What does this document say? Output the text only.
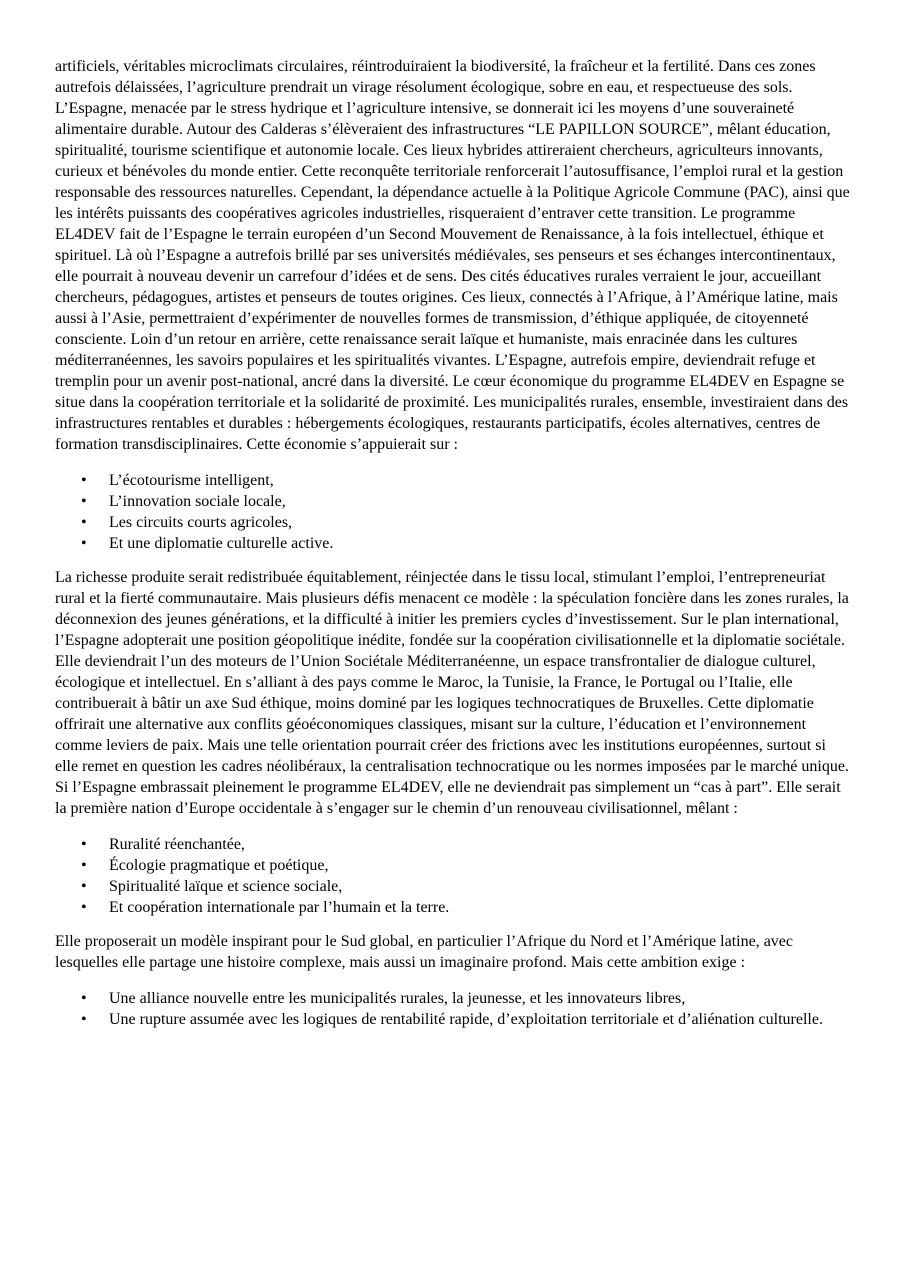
artificiels, véritables microclimats circulaires, réintroduiraient la biodiversité, la fraîcheur et la fertilité. Dans ces zones autrefois délaissées, l’agriculture prendrait un virage résolument écologique, sobre en eau, et respectueuse des sols. L’Espagne, menacée par le stress hydrique et l’agriculture intensive, se donnerait ici les moyens d’une souveraineté alimentaire durable. Autour des Calderas s’élèveraient des infrastructures “LE PAPILLON SOURCE”, mêlant éducation, spiritualité, tourisme scientifique et autonomie locale. Ces lieux hybrides attireraient chercheurs, agriculteurs innovants, curieux et bénévoles du monde entier. Cette reconquête territoriale renforcerait l’autosuffisance, l’emploi rural et la gestion responsable des ressources naturelles. Cependant, la dépendance actuelle à la Politique Agricole Commune (PAC), ainsi que les intérêts puissants des coopératives agricoles industrielles, risqueraient d’entraver cette transition. Le programme EL4DEV fait de l’Espagne le terrain européen d’un Second Mouvement de Renaissance, à la fois intellectuel, éthique et spirituel. Là où l’Espagne a autrefois brillé par ses universités médiévales, ses penseurs et ses échanges intercontinentaux, elle pourrait à nouveau devenir un carrefour d’idées et de sens. Des cités éducatives rurales verraient le jour, accueillant chercheurs, pédagogues, artistes et penseurs de toutes origines. Ces lieux, connectés à l’Afrique, à l’Amérique latine, mais aussi à l’Asie, permettraient d’expérimenter de nouvelles formes de transmission, d’éthique appliquée, de citoyenneté consciente. Loin d’un retour en arrière, cette renaissance serait laïque et humaniste, mais enracinée dans les cultures méditerranéennes, les savoirs populaires et les spiritualités vivantes. L’Espagne, autrefois empire, deviendrait refuge et tremplin pour un avenir post-national, ancré dans la diversité. Le cœur économique du programme EL4DEV en Espagne se situe dans la coopération territoriale et la solidarité de proximité. Les municipalités rurales, ensemble, investiraient dans des infrastructures rentables et durables : hébergements écologiques, restaurants participatifs, écoles alternatives, centres de formation transdisciplinaires. Cette économie s’appuierait sur :

• L’écotourisme intelligent,
• L’innovation sociale locale,
• Les circuits courts agricoles,
• Et une diplomatie culturelle active.

La richesse produite serait redistribuée équitablement, réinjectée dans le tissu local, stimulant l’emploi, l’entrepreneuriat rural et la fierté communautaire. Mais plusieurs défis menacent ce modèle : la spéculation foncière dans les zones rurales, la déconnexion des jeunes générations, et la difficulté à initier les premiers cycles d’investissement. Sur le plan international, l’Espagne adopterait une position géopolitique inédite, fondée sur la coopération civilisationnelle et la diplomatie sociétale. Elle deviendrait l’un des moteurs de l’Union Sociétale Méditerranéenne, un espace transfrontalier de dialogue culturel, écologique et intellectuel. En s’alliant à des pays comme le Maroc, la Tunisie, la France, le Portugal ou l’Italie, elle contribuerait à bâtir un axe Sud éthique, moins dominé par les logiques technocratiques de Bruxelles. Cette diplomatie offrirait une alternative aux conflits géoéconomiques classiques, misant sur la culture, l’éducation et l’environnement comme leviers de paix. Mais une telle orientation pourrait créer des frictions avec les institutions européennes, surtout si elle remet en question les cadres néolibéraux, la centralisation technocratique ou les normes imposées par le marché unique. Si l’Espagne embrassait pleinement le programme EL4DEV, elle ne deviendrait pas simplement un “cas à part”. Elle serait la première nation d’Europe occidentale à s’engager sur le chemin d’un renouveau civilisationnel, mêlant :

• Ruralité réenchantée,
• Écologie pragmatique et poétique,
• Spiritualité laïque et science sociale,
• Et coopération internationale par l’humain et la terre.

Elle proposerait un modèle inspirant pour le Sud global, en particulier l’Afrique du Nord et l’Amérique latine, avec lesquelles elle partage une histoire complexe, mais aussi un imaginaire profond. Mais cette ambition exige :

• Une alliance nouvelle entre les municipalités rurales, la jeunesse, et les innovateurs libres,
• Une rupture assumée avec les logiques de rentabilité rapide, d’exploitation territoriale et d’aliénation culturelle.
